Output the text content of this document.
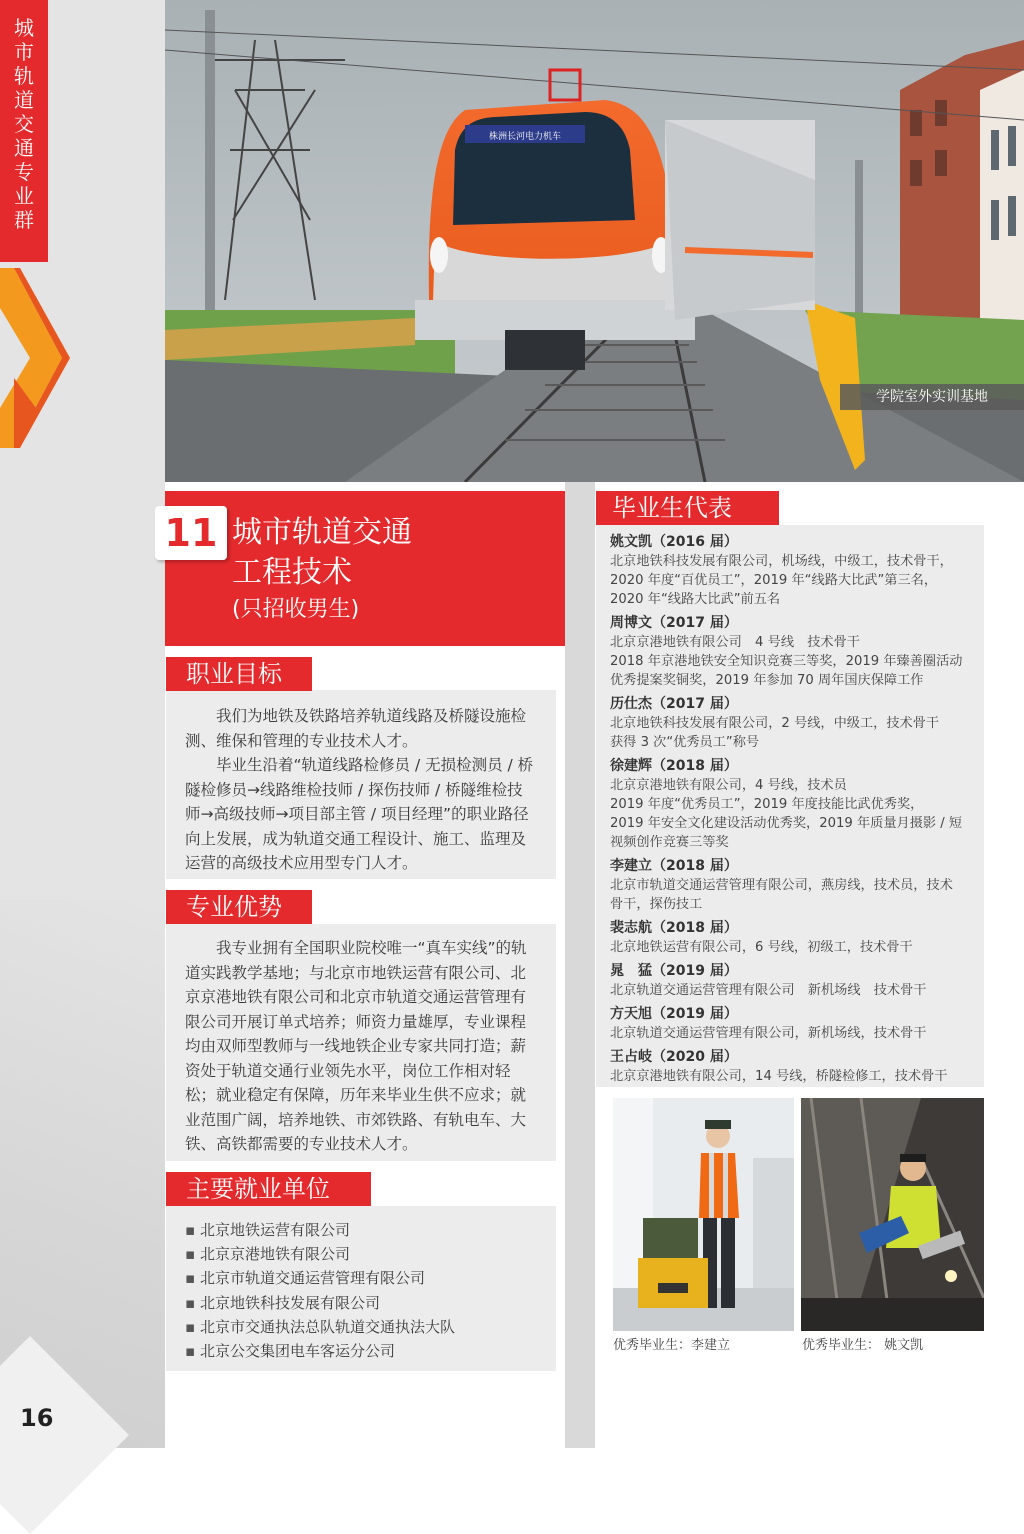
城市轨道交通专业群
16
株洲长河电力机车
学院室外实训基地
11 城市轨道交通
工程技术
(只招收男生)
职业目标
我们为地铁及铁路培养轨道线路及桥隧设施检测、维保和管理的专业技术人才。
毕业生沿着“轨道线路检修员 / 无损检测员 / 桥隧检修员→线路维检技师 / 探伤技师 / 桥隧维检技师→高级技师→项目部主管 / 项目经理”的职业路径向上发展，成为轨道交通工程设计、施工、监理及运营的高级技术应用型专门人才。
专业优势
我专业拥有全国职业院校唯一“真车实线”的轨道实践教学基地；与北京市地铁运营有限公司、北京京港地铁有限公司和北京市轨道交通运营管理有限公司开展订单式培养；师资力量雄厚，专业课程均由双师型教师与一线地铁企业专家共同打造；薪资处于轨道交通行业领先水平，岗位工作相对轻松；就业稳定有保障，历年来毕业生供不应求；就业范围广阔，培养地铁、市郊铁路、有轨电车、大铁、高铁都需要的专业技术人才。
主要就业单位
▪ 北京地铁运营有限公司
▪ 北京京港地铁有限公司
▪ 北京市轨道交通运营管理有限公司
▪ 北京地铁科技发展有限公司
▪ 北京市交通执法总队轨道交通执法大队
▪ 北京公交集团电车客运分公司
毕业生代表
姚文凯（2016 届）
北京地铁科技发展有限公司，机场线，中级工，技术骨干，
2020 年度“百优员工”，2019 年“线路大比武”第三名，
2020 年“线路大比武”前五名
周博文（2017 届）
北京京港地铁有限公司　4 号线　技术骨干
2018 年京港地铁安全知识竞赛三等奖，2019 年臻善圈活动
优秀提案奖铜奖，2019 年参加 70 周年国庆保障工作
历仕杰（2017 届）
北京地铁科技发展有限公司，2 号线，中级工，技术骨干
获得 3 次“优秀员工”称号
徐建辉（2018 届）
北京京港地铁有限公司，4 号线，技术员
2019 年度“优秀员工”，2019 年度技能比武优秀奖，
2019 年安全文化建设活动优秀奖，2019 年质量月摄影 / 短
视频创作竞赛三等奖
李建立（2018 届）
北京市轨道交通运营管理有限公司，燕房线，技术员，技术
骨干，探伤技工
裴志航（2018 届）
北京地铁运营有限公司，6 号线，初级工，技术骨干
晁　猛（2019 届）
北京轨道交通运营管理有限公司　新机场线　技术骨干
方天旭（2019 届）
北京轨道交通运营管理有限公司，新机场线，技术骨干
王占岐（2020 届）
北京京港地铁有限公司，14 号线，桥隧检修工，技术骨干
优秀毕业生：李建立	优秀毕业生： 姚文凯
